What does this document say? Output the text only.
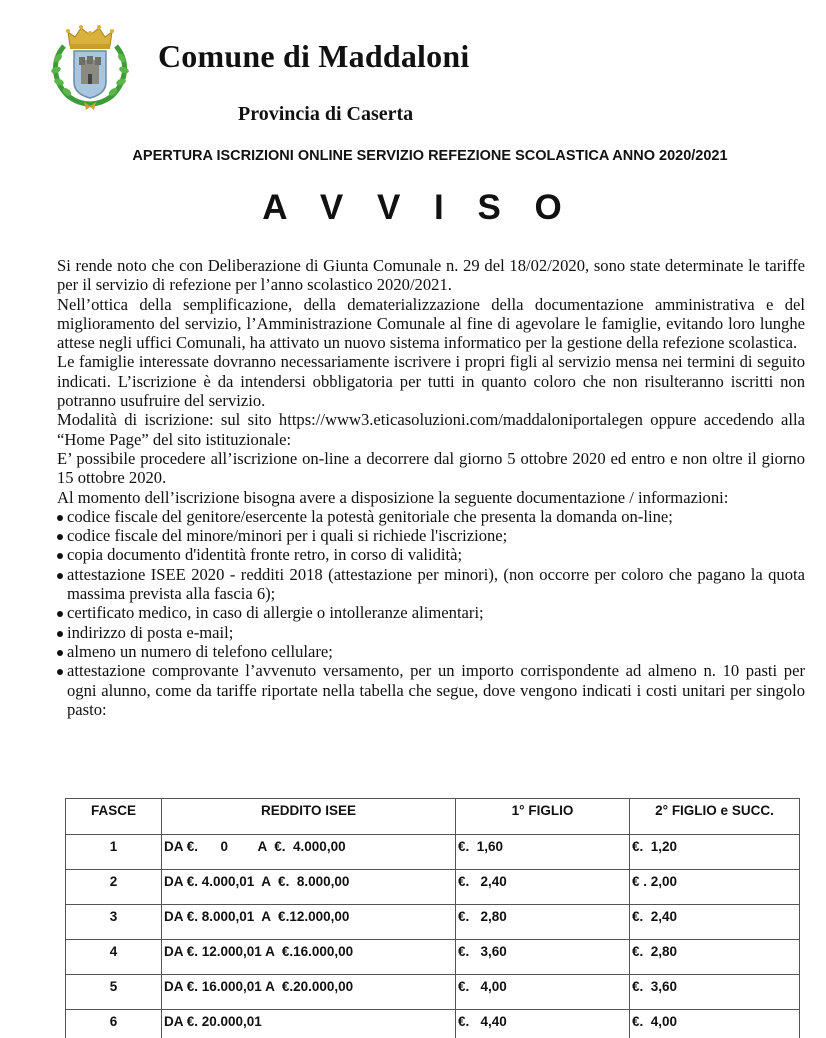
Comune di Maddaloni
Provincia di Caserta
APERTURA ISCRIZIONI ONLINE SERVIZIO REFEZIONE SCOLASTICA ANNO 2020/2021
A V V I S O

Si rende noto che con Deliberazione di Giunta Comunale n. 29 del 18/02/2020, sono state determinate le tariffe per il servizio di refezione per l’anno scolastico 2020/2021.

Nell’ottica della semplificazione, della dematerializzazione della documentazione amministrativa e del miglioramento del servizio, l’Amministrazione Comunale al fine di agevolare le famiglie, evitando loro lunghe attese negli uffici Comunali, ha attivato un nuovo sistema informatico per la gestione della refezione scolastica.

Le famiglie interessate dovranno necessariamente iscrivere i propri figli al servizio mensa nei termini di seguito indicati. L’iscrizione è da intendersi obbligatoria per tutti in quanto coloro che non risulteranno iscritti non potranno usufruire del servizio.

Modalità di iscrizione: sul sito https://www3.eticasoluzioni.com/maddaloniportalegen oppure accedendo alla “Home Page” del sito istituzionale:

E’ possibile procedere all’iscrizione on-line a decorrere dal giorno 5 ottobre 2020 ed entro e non oltre il giorno 15 ottobre 2020.

Al momento dell’iscrizione bisogna avere a disposizione la seguente documentazione / informazioni:

codice fiscale del genitore/esercente la potestà genitoriale che presenta la domanda on-line;
codice fiscale del minore/minori per i quali si richiede l'iscrizione;
copia documento d'identità fronte retro, in corso di validità;
attestazione ISEE 2020 - redditi 2018 (attestazione per minori), (non occorre per coloro che pagano la quota massima prevista alla fascia 6);
certificato medico, in caso di allergie o intolleranze alimentari;
indirizzo di posta e-mail;
almeno un numero di telefono cellulare;
attestazione comprovante l’avvenuto versamento, per un importo corrispondente ad almeno n. 10 pasti per ogni alunno, come da tariffe riportate nella tabella che segue, dove vengono indicati i costi unitari per singolo pasto:
FASCE	REDDITO ISEE	1° FIGLIO	2° FIGLIO e SUCC.
1	DA €.      0        A  €.  4.000,00	€.  1,60	€.  1,20
2	DA €. 4.000,01  A  €.  8.000,00	€.   2,40	€ . 2,00
3	DA €. 8.000,01  A  €.12.000,00	€.   2,80	€.  2,40
4	DA €. 12.000,01 A  €.16.000,00	€.   3,60	€.  2,80
5	DA €. 16.000,01 A  €.20.000,00	€.   4,00	€.  3,60
6	DA €. 20.000,01	€.   4,40	€.  4,00
